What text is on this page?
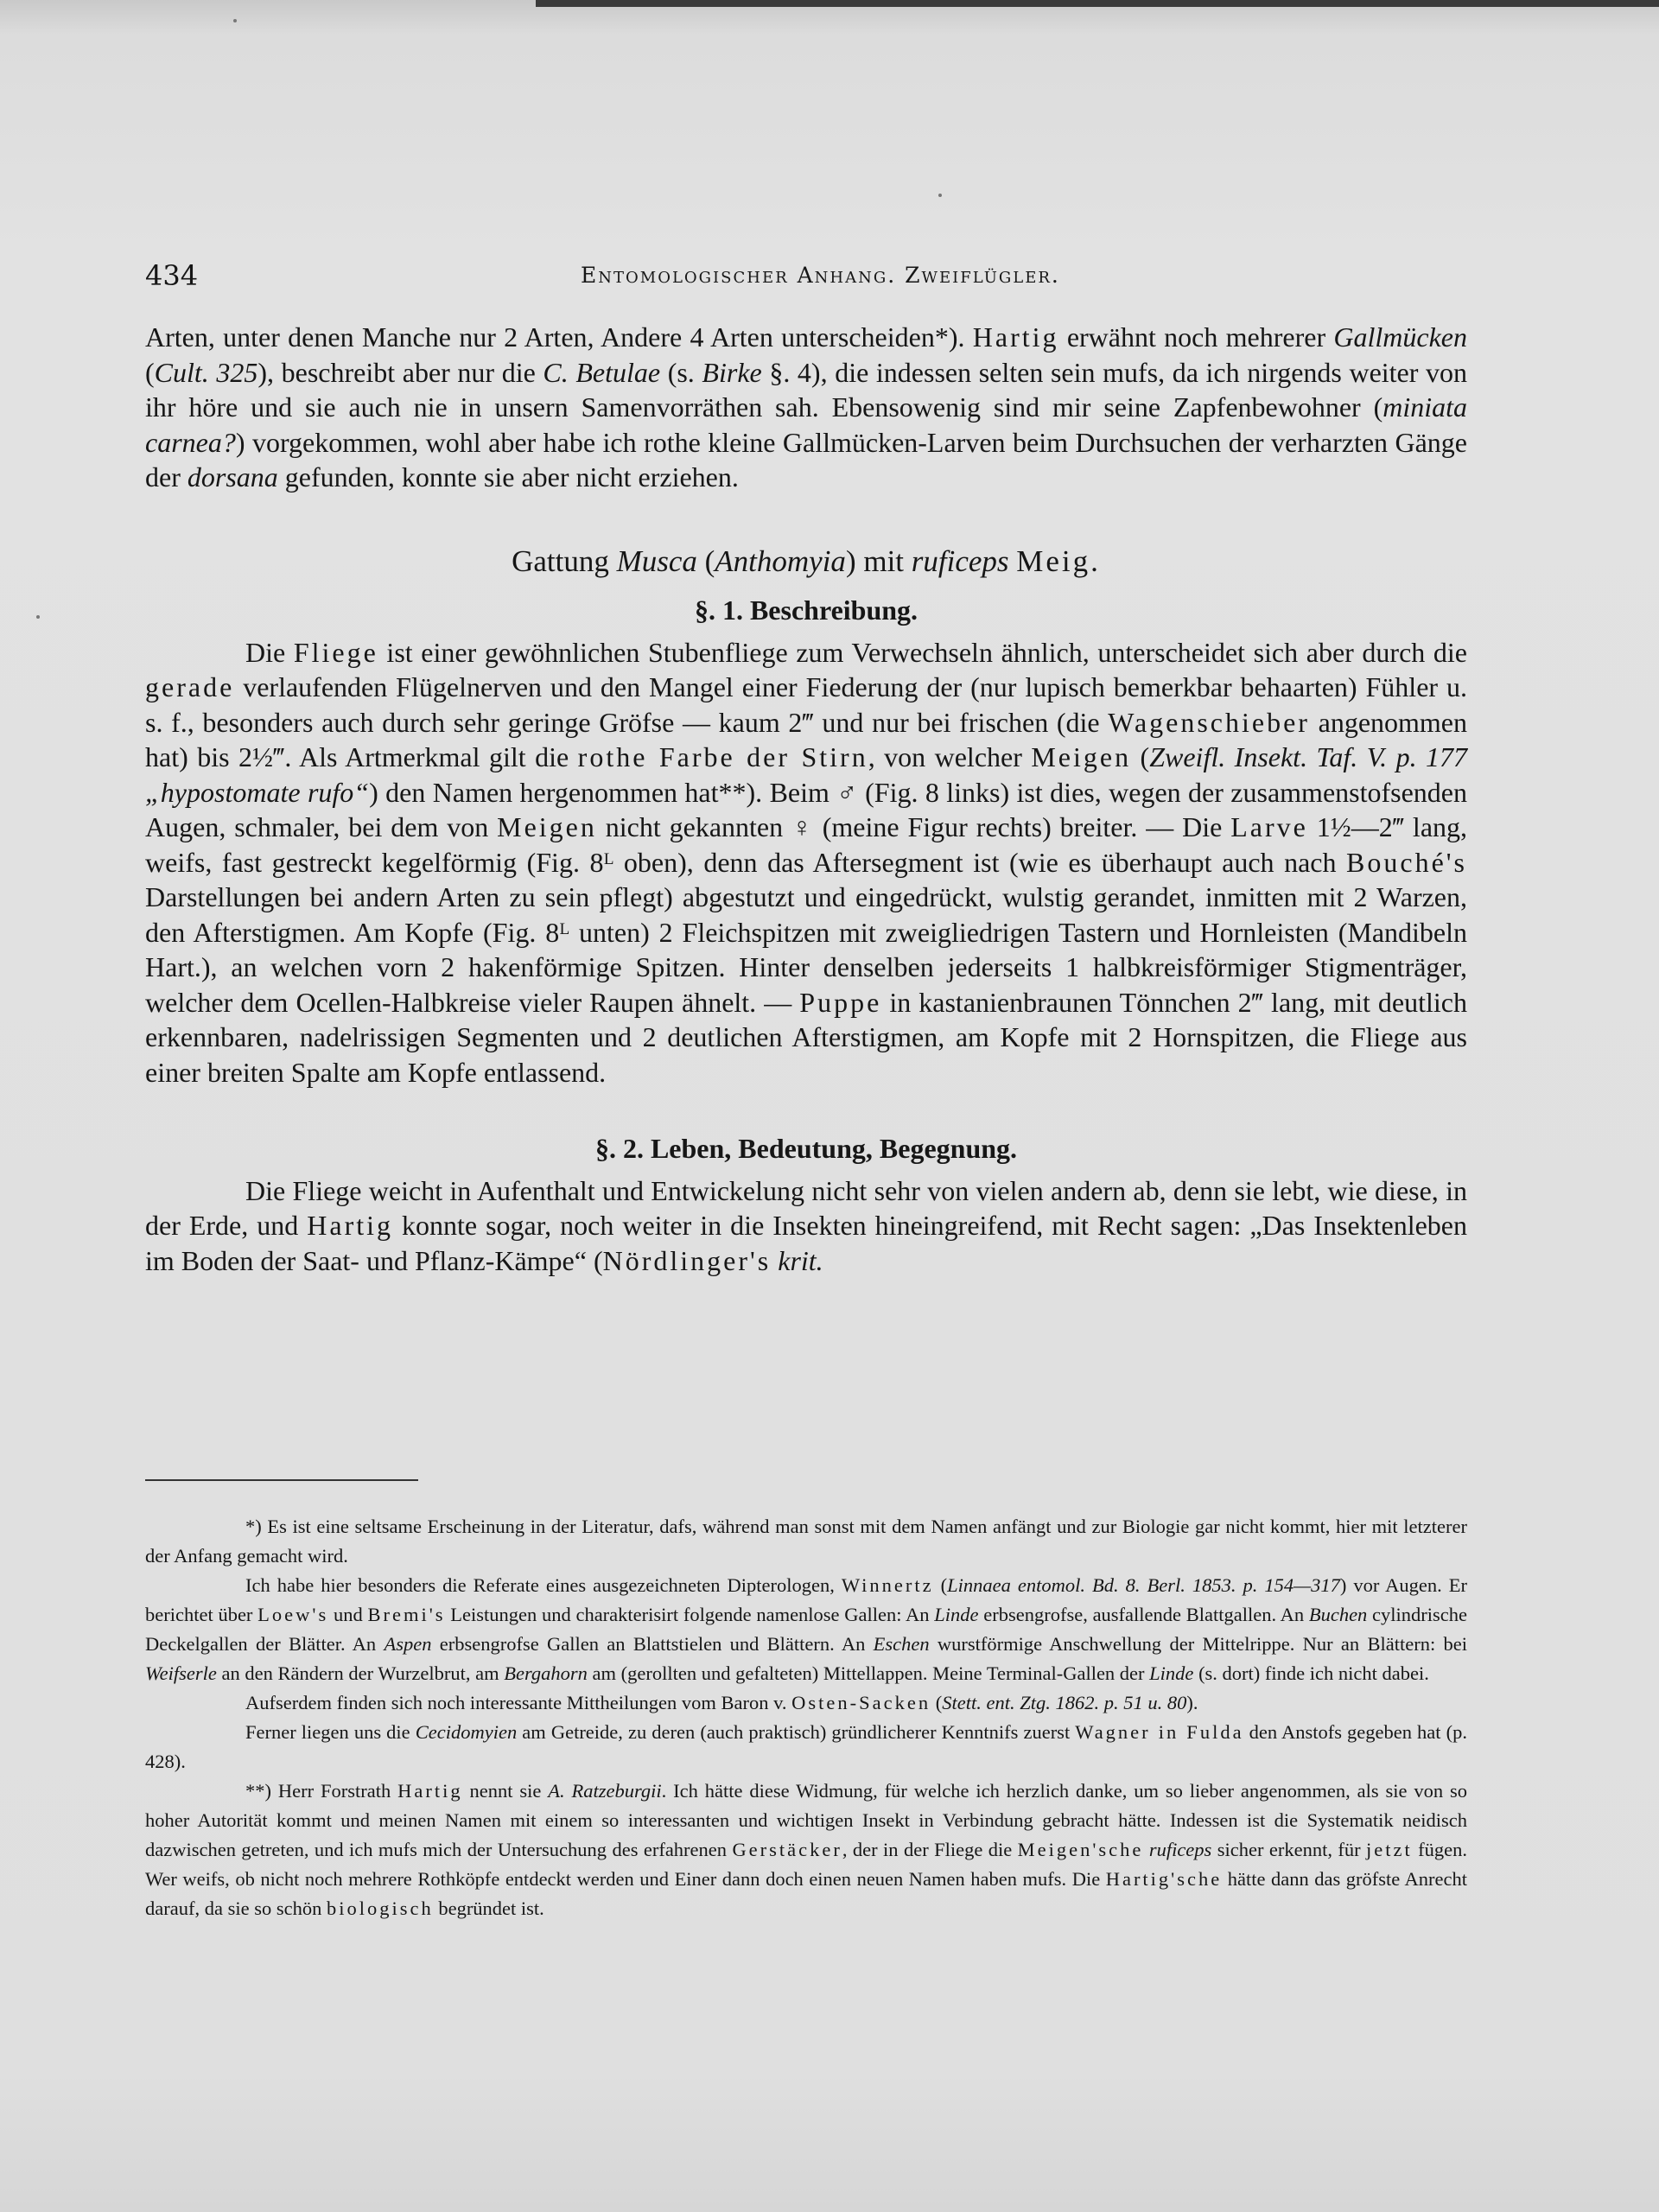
434	Entomologischer Anhang. Zweiflügler.

Arten, unter denen Manche nur 2 Arten, Andere 4 Arten unterscheiden*). Hartig erwähnt noch mehrerer Gallmücken (Cult. 325), beschreibt aber nur die C. Betulae (s. Birke §. 4), die indessen selten sein mufs, da ich nirgends weiter von ihr höre und sie auch nie in unsern Samenvorräthen sah. Ebensowenig sind mir seine Zapfenbewohner (miniata carnea?) vorgekommen, wohl aber habe ich rothe kleine Gallmücken-Larven beim Durchsuchen der verharzten Gänge der dorsana gefunden, konnte sie aber nicht erziehen.

Gattung Musca (Anthomyia) mit ruficeps Meig.

§. 1. Beschreibung.

Die Fliege ist einer gewöhnlichen Stubenfliege zum Verwechseln ähnlich, unterscheidet sich aber durch die gerade verlaufenden Flügelnerven und den Mangel einer Fiederung der (nur lupisch bemerkbar behaarten) Fühler u. s. f., besonders auch durch sehr geringe Gröfse — kaum 2‴ und nur bei frischen (die Wagenschieber angenommen hat) bis 2½‴. Als Artmerkmal gilt die rothe Farbe der Stirn, von welcher Meigen (Zweifl. Insekt. Taf. V. p. 177 „hypostomate rufo“) den Namen hergenommen hat**). Beim ♂ (Fig. 8 links) ist dies, wegen der zusammenstofsenden Augen, schmaler, bei dem von Meigen nicht gekannten ♀ (meine Figur rechts) breiter. — Die Larve 1½—2‴ lang, weifs, fast gestreckt kegelförmig (Fig. 8ᴸ oben), denn das Aftersegment ist (wie es überhaupt auch nach Bouché's Darstellungen bei andern Arten zu sein pflegt) abgestutzt und eingedrückt, wulstig gerandet, inmitten mit 2 Warzen, den Afterstigmen. Am Kopfe (Fig. 8ᴸ unten) 2 Fleichspitzen mit zweigliedrigen Tastern und Hornleisten (Mandibeln Hart.), an welchen vorn 2 hakenförmige Spitzen. Hinter denselben jederseits 1 halbkreisförmiger Stigmenträger, welcher dem Ocellen-Halbkreise vieler Raupen ähnelt. — Puppe in kastanienbraunen Tönnchen 2‴ lang, mit deutlich erkennbaren, nadelrissigen Segmenten und 2 deutlichen Afterstigmen, am Kopfe mit 2 Hornspitzen, die Fliege aus einer breiten Spalte am Kopfe entlassend.

§. 2. Leben, Bedeutung, Begegnung.

Die Fliege weicht in Aufenthalt und Entwickelung nicht sehr von vielen andern ab, denn sie lebt, wie diese, in der Erde, und Hartig konnte sogar, noch weiter in die Insekten hineingreifend, mit Recht sagen: „Das Insektenleben im Boden der Saat- und Pflanz-Kämpe“ (Nördlinger's krit.

*) Es ist eine seltsame Erscheinung in der Literatur, dafs, während man sonst mit dem Namen anfängt und zur Biologie gar nicht kommt, hier mit letzterer der Anfang gemacht wird.

Ich habe hier besonders die Referate eines ausgezeichneten Dipterologen, Winnertz (Linnaea entomol. Bd. 8. Berl. 1853. p. 154—317) vor Augen. Er berichtet über Loew's und Bremi's Leistungen und charakterisirt folgende namenlose Gallen: An Linde erbsengrofse, ausfallende Blattgallen. An Buchen cylindrische Deckelgallen der Blätter. An Aspen erbsengrofse Gallen an Blattstielen und Blättern. An Eschen wurstförmige Anschwellung der Mittelrippe. Nur an Blättern: bei Weifserle an den Rändern der Wurzelbrut, am Bergahorn am (gerollten und gefalteten) Mittellappen. Meine Terminal-Gallen der Linde (s. dort) finde ich nicht dabei.

Aufserdem finden sich noch interessante Mittheilungen vom Baron v. Osten-Sacken (Stett. ent. Ztg. 1862. p. 51 u. 80).

Ferner liegen uns die Cecidomyien am Getreide, zu deren (auch praktisch) gründlicherer Kenntnifs zuerst Wagner in Fulda den Anstofs gegeben hat (p. 428).

**) Herr Forstrath Hartig nennt sie A. Ratzeburgii. Ich hätte diese Widmung, für welche ich herzlich danke, um so lieber angenommen, als sie von so hoher Autorität kommt und meinen Namen mit einem so interessanten und wichtigen Insekt in Verbindung gebracht hätte. Indessen ist die Systematik neidisch dazwischen getreten, und ich mufs mich der Untersuchung des erfahrenen Gerstäcker, der in der Fliege die Meigen'sche ruficeps sicher erkennt, für jetzt fügen. Wer weifs, ob nicht noch mehrere Rothköpfe entdeckt werden und Einer dann doch einen neuen Namen haben mufs. Die Hartig'sche hätte dann das gröfste Anrecht darauf, da sie so schön biologisch begründet ist.
